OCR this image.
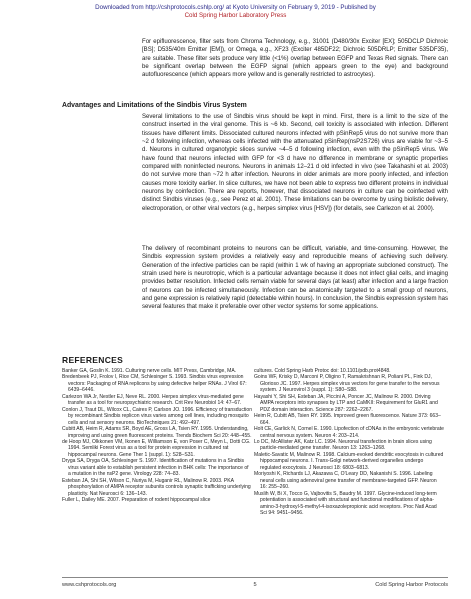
Downloaded from http://cshprotocols.cshlp.org/ at Kyoto University on February 9, 2019 - Published by
Cold Spring Harbor Laboratory Press

For epifluorescence, filter sets from Chroma Technology, e.g., 31001 (D480/30x Exciter [EX]; 505DCLP Dichroic [BS]; D535/40m Emitter [EM]), or Omega, e.g., XF23 (Exciter 485DF22; Dichroic 505DRLP; Emitter 535DF35), are suitable. These filter sets produce very little (<1%) overlap between EGFP and Texas Red signals. There can be significant overlap between the EGFP signal (which appears green to the eye) and background autofluorescence (which appears more yellow and is generally restricted to astrocytes).

Advantages and Limitations of the Sindbis Virus System

Several limitations to the use of Sindbis virus should be kept in mind. First, there is a limit to the size of the construct inserted in the viral genome. This is ~6 kb. Second, cell toxicity is associated with infection. Different tissues have different limits. Dissociated cultured neurons infected with pSinRep5 virus do not survive more than ~2 d following infection, whereas cells infected with the attenuated pSinRep(nsP2S726) virus are viable for ~3–5 d. Neurons in cultured organotypic slices survive ~4–5 d following infection, even with the pSinRep5 virus. We have found that neurons infected with GFP for <3 d have no difference in membrane or synaptic properties compared with noninfected neurons. Neurons in animals 12–21 d old infected in vivo (see Takahashi et al. 2003) do not survive more than ~72 h after infection. Neurons in older animals are more poorly infected, and infection causes more toxicity earlier. In slice cultures, we have not been able to express two different proteins in individual neurons by coinfection. There are reports, however, that dissociated neurons in culture can be coinfected with distinct Sindbis viruses (e.g., see Perez et al. 2001). These limitations can be overcome by using biolistic delivery, electroporation, or other viral vectors (e.g., herpes simplex virus [HSV]) (for details, see Carlezon et al. 2000).

The delivery of recombinant proteins to neurons can be difficult, variable, and time-consuming. However, the Sindbis expression system provides a relatively easy and reproducible means of achieving such delivery. Generation of the infective particles can be rapid (within 1 wk of having an appropriate subcloned construct). The strain used here is neurotropic, which is a particular advantage because it does not infect glial cells, and imaging provides better resolution. Infected cells remain viable for several days (at least) after infection and a large fraction of neurons can be infected simultaneously. Infection can be anatomically targeted to a small group of neurons, and gene expression is relatively rapid (detectable within hours). In conclusion, the Sindbis expression system has several features that make it preferable over other vector systems for some applications.

REFERENCES
Banker GA, Goslin K. 1991. Culturing nerve cells. MIT Press, Cambridge, MA.
Bredenbeek PJ, Frolov I, Rice CM, Schlesinger S. 1993. Sindbis virus expression vectors: Packaging of RNA replicons by using defective helper RNAs. J Virol 67: 6439–6446.
Carlezon WA Jr, Nestler EJ, Neve RL. 2000. Herpes simplex virus-mediated gene transfer as a tool for neuropsychiatric research. Crit Rev Neurobiol 14: 47–67.
Conlon J, Traut DL, Wilcox CL, Caires P, Carlson JO. 1996. Efficiency of transduction by recombinant Sindbis replicon virus varies among cell lines, including mosquito cells and rat sensory neurons. BioTechniques 21: 492–497.
Cubitt AB, Heim R, Adams SR, Boyd AE, Gross LA, Tsien RY. 1995. Understanding, improving and using green fluorescent proteins. Trends Biochem Sci 20: 448–455.
de Hoop MJ, Olkkonen VM, Ikonen E, Williamson E, von Poser C, Meyn L, Dotti CG. 1994. Semliki Forest virus as a tool for protein expression in cultured rat hippocampal neurons. Gene Ther 1 (suppl. 1): S28–S31.
Dryga SA, Dryga OA, Schlesinger S. 1997. Identification of mutations in a Sindbis virus variant able to establish persistent infection in BHK cells: The importance of a mutation in the nsP2 gene. Virology 228: 74–83.
Esteban JA, Shi SH, Wilson C, Nuriya M, Huganir RL, Malinow R. 2003. PKA phosphorylation of AMPA receptor subunits controls synaptic trafficking underlying plasticity. Nat Neurosci 6: 136–143.
Fuller L, Dailey ME. 2007. Preparation of rodent hippocampal slice
cultures. Cold Spring Harb Protoc doi: 10.1101/pdb.prot4848.
Goins WF, Krisky D, Marconi P, Oligino T, Ramakrishnan R, Poliani PL, Fink DJ, Glorioso JC. 1997. Herpes simplex virus vectors for gene transfer to the nervous system. J Neurovirol 3 (suppl. 1): S80–S88.
Hayashi Y, Shi SH, Esteban JA, Piccini A, Poncer JC, Malinow R. 2000. Driving AMPA receptors into synapses by LTP and CaMKII: Requirement for GluR1 and PDZ domain interaction. Science 287: 2262–2267.
Heim R, Cubitt AB, Tsien RY. 1995. Improved green fluorescence. Nature 373: 663–664.
Holt CE, Garlick N, Cornel E. 1990. Lipofection of cDNAs in the embryonic vertebrate central nervous system. Neuron 4: 203–214.
Lo DC, McAllister AK, Katz LC. 1994. Neuronal transfection in brain slices using particle-mediated gene transfer. Neuron 13: 1263–1268.
Maletic-Savatic M, Malinow R. 1998. Calcium-evoked dendritic exocytosis in cultured hippocampal neurons. I. Trans-Golgi network-derived organelles undergo regulated exocytosis. J Neurosci 18: 6803–6813.
Moriyoshi K, Richards LJ, Akazawa C, O'Leary DD, Nakanishi S. 1996. Labeling neural cells using adenoviral gene transfer of membrane-targeted GFP. Neuron 16: 255–260.
Muslih W, Bi X, Tocco G, Vajbovitis S, Baudry M. 1997. Glycine-induced long-term potentiation is associated with structural and functional modifications of alpha-amino-3-hydroxyl-5-methyl-4-isoxazolepropionic acid receptors. Proc Natl Acad Sci 94: 9451–9456.
www.cshprotocols.org	5	Cold Spring Harbor Protocols
